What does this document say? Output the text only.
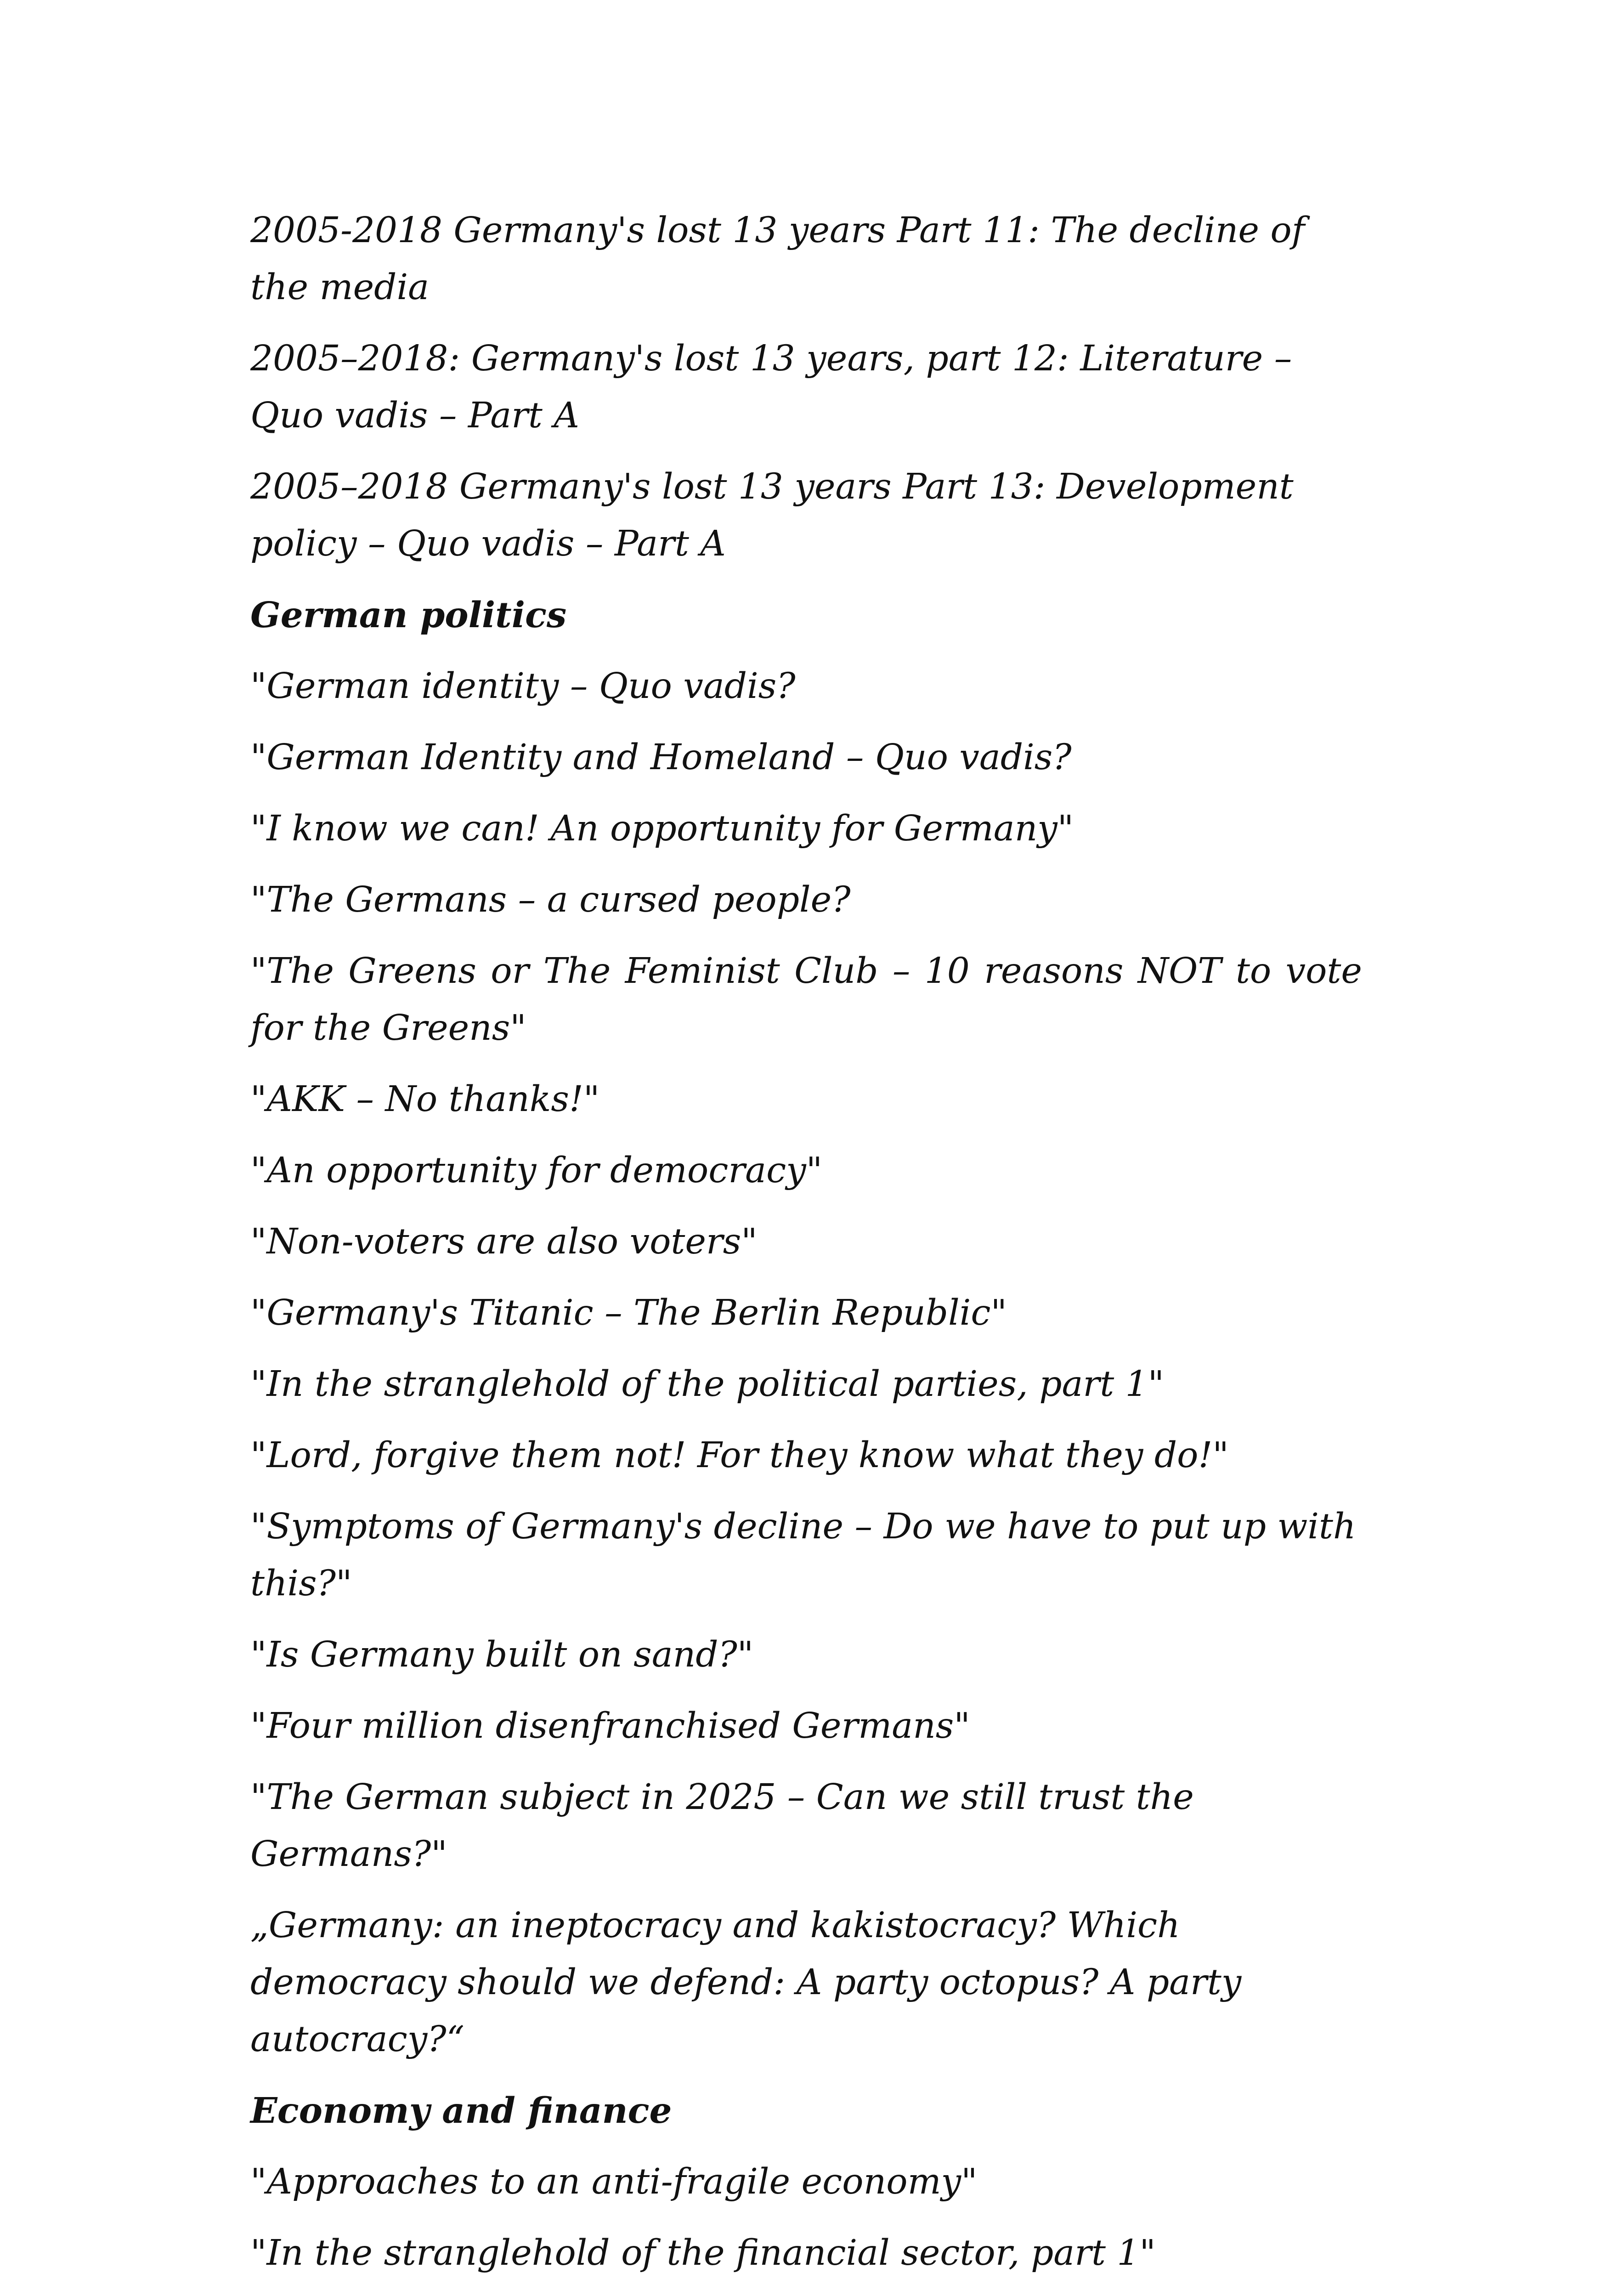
2005-2018 Germany's lost 13 years Part 11: The decline of the media

2005–2018: Germany's lost 13 years, part 12: Literature – Quo vadis – Part A

2005–2018 Germany's lost 13 years Part 13: Development policy – Quo vadis – Part A

German politics

"German identity – Quo vadis?

"German Identity and Homeland – Quo vadis?

"I know we can! An opportunity for Germany"

"The Germans – a cursed people?

"The Greens or The Feminist Club – 10 reasons NOT to vote for the Greens"

"AKK – No thanks!"

"An opportunity for democracy"

"Non-voters are also voters"

"Germany's Titanic – The Berlin Republic"

"In the stranglehold of the political parties, part 1"

"Lord, forgive them not! For they know what they do!"

"Symptoms of Germany's decline – Do we have to put up with this?"

"Is Germany built on sand?"

"Four million disenfranchised Germans"

"The German subject in 2025 – Can we still trust the Germans?"

„Germany: an ineptocracy and kakistocracy? Which democracy should we defend: A party octopus? A party autocracy?“

Economy and finance

"Approaches to an anti-fragile economy"

"In the stranglehold of the financial sector, part 1"
